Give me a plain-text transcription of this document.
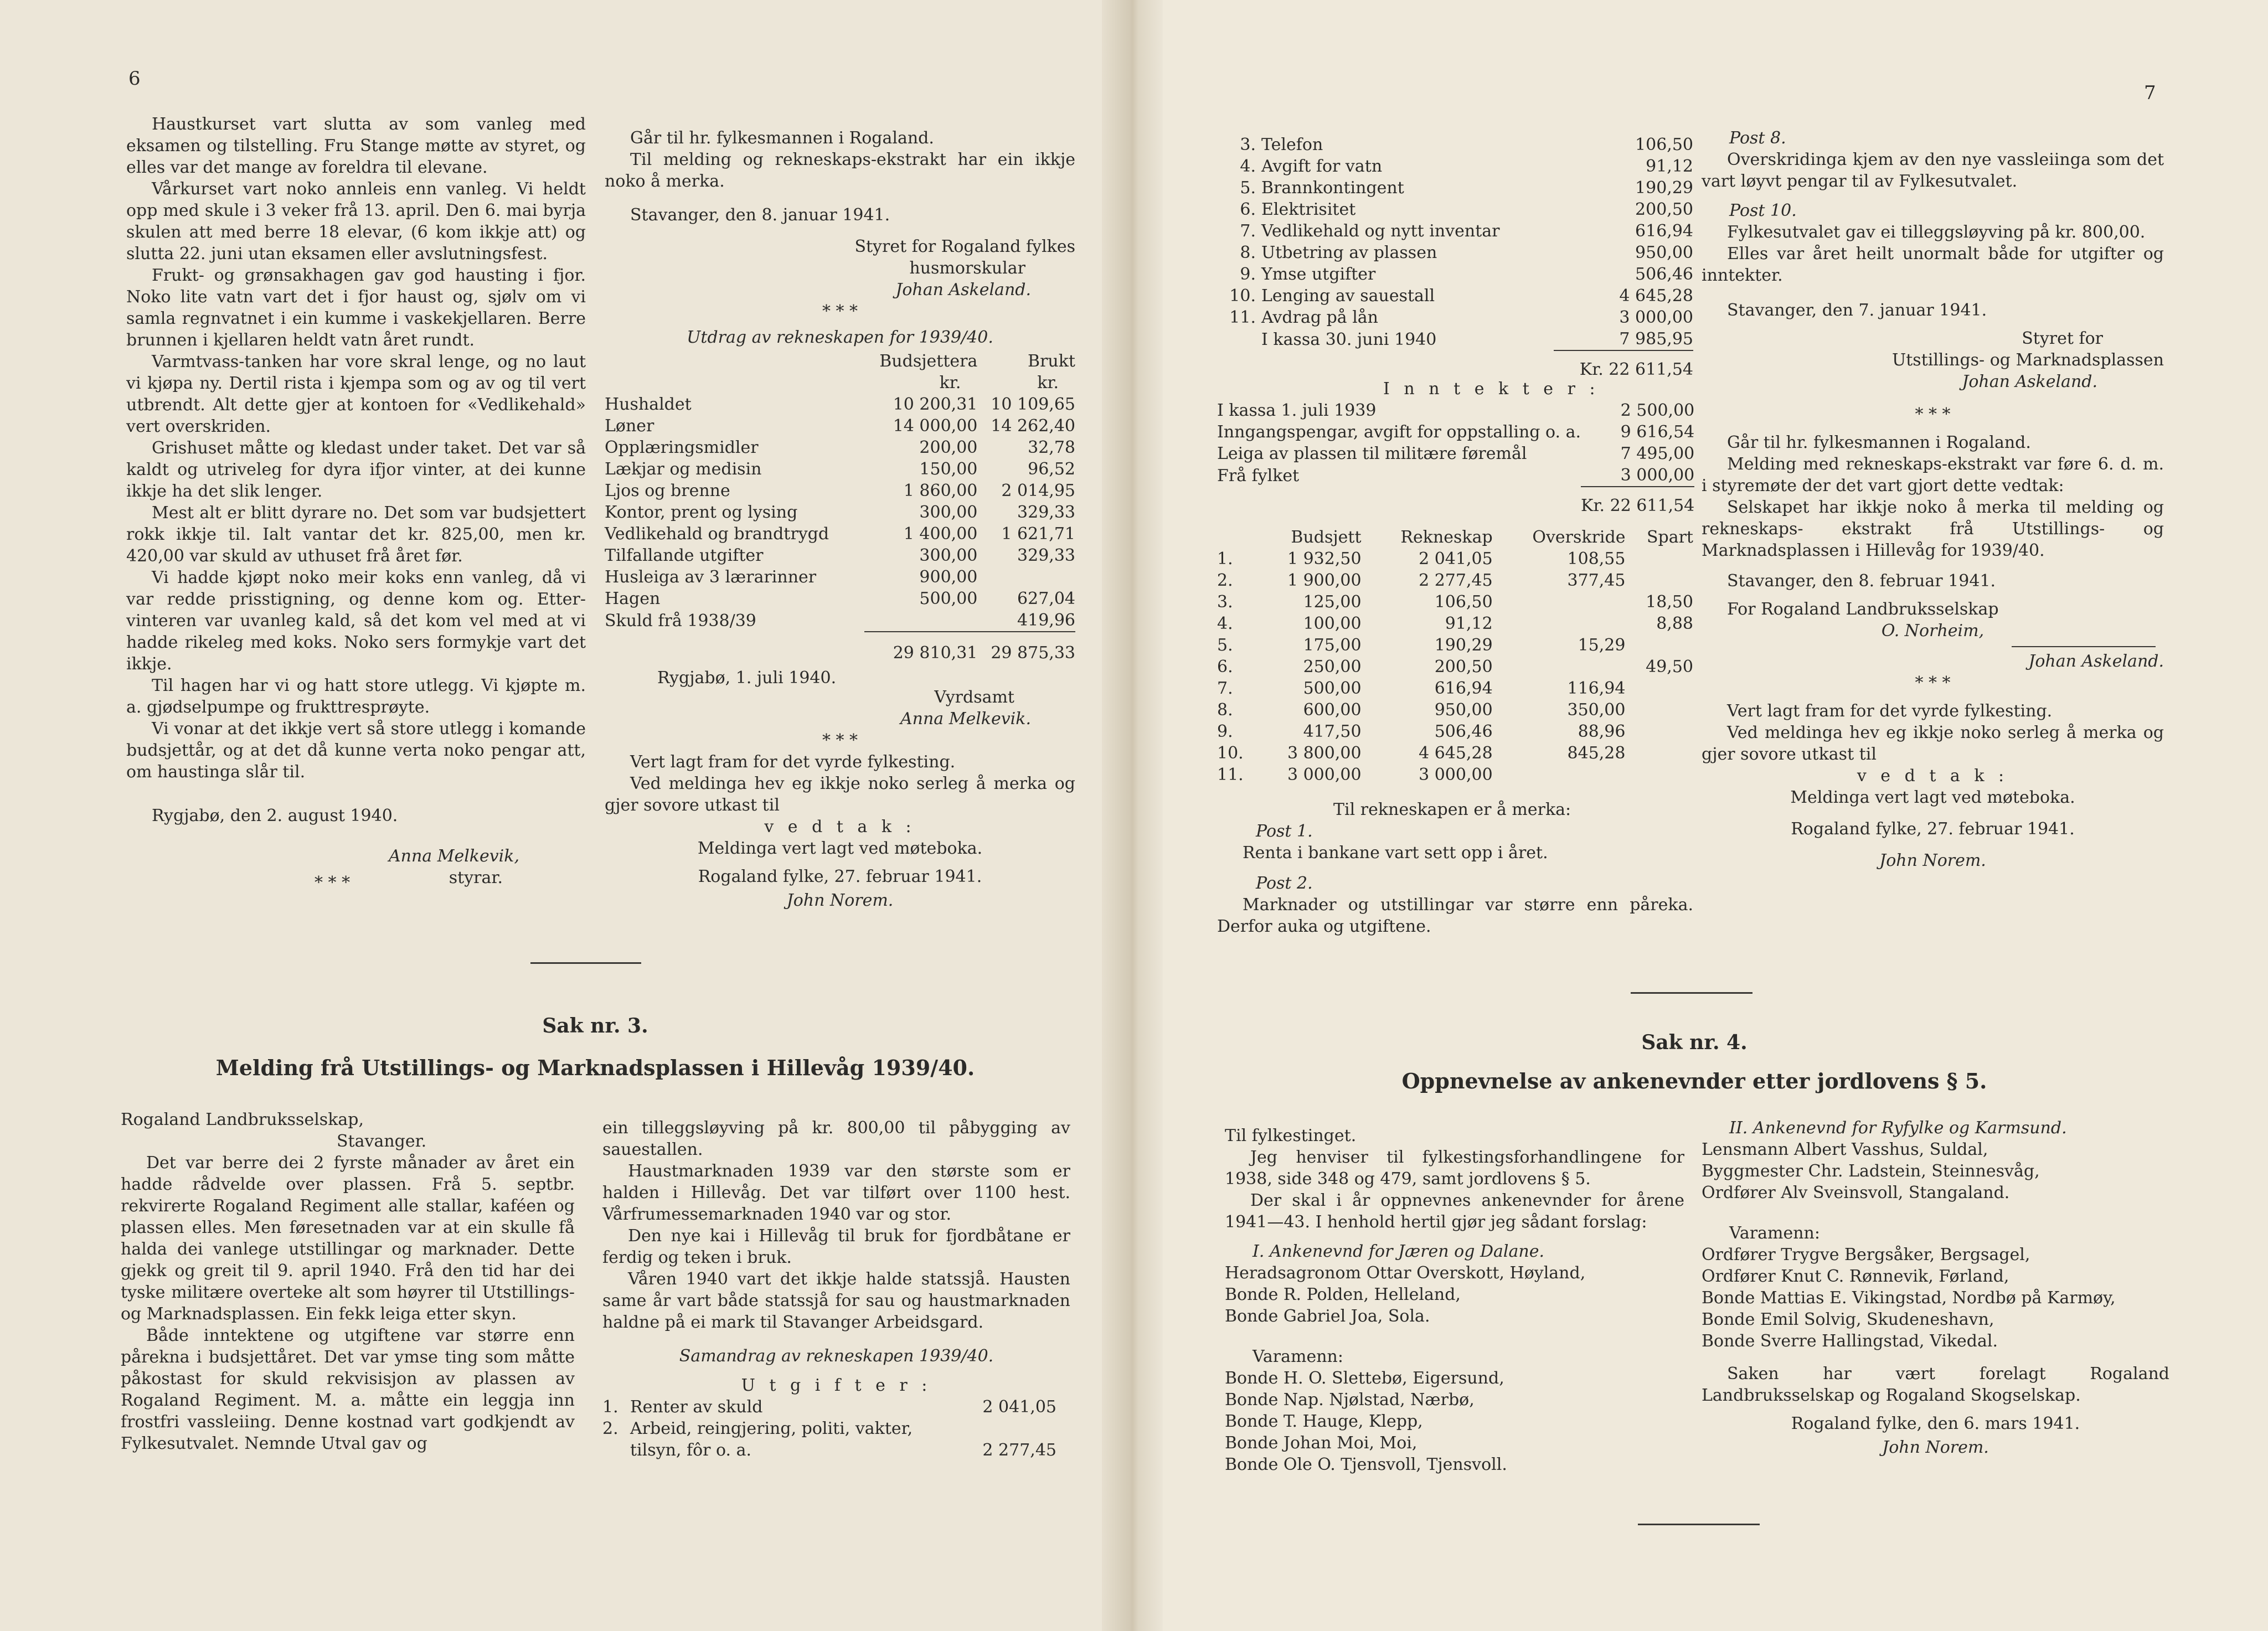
6
7

Haustkurset vart slutta av som vanleg med eksamen og tilstelling. Fru Stange møtte av styret, og elles var det mange av foreldra til elevane.

Vårkurset vart noko annleis enn vanleg. Vi heldt opp med skule i 3 veker frå 13. april. Den 6. mai byrja skulen att med berre 18 elevar, (6 kom ikkje att) og slutta 22. juni utan eksamen eller avslutningsfest.

Frukt- og grønsakhagen gav god hausting i fjor. Noko lite vatn vart det i fjor haust og, sjølv om vi samla regnvatnet i ein kumme i vaskekjellaren. Berre brunnen i kjellaren heldt vatn året rundt.

Varmtvass-tanken har vore skral lenge, og no laut vi kjøpa ny. Dertil rista i kjempa som og av og til vert utbrendt. Alt dette gjer at kontoen for «Vedlikehald» vert overskriden.

Grishuset måtte og kledast under taket. Det var så kaldt og utriveleg for dyra ifjor vinter, at dei kunne ikkje ha det slik lenger.

Mest alt er blitt dyrare no. Det som var budsjettert rokk ikkje til. Ialt vantar det kr. 825,00, men kr. 420,00 var skuld av uthuset frå året før.

Vi hadde kjøpt noko meir koks enn vanleg, då vi var redde prisstigning, og denne kom og. Etter-vinteren var uvanleg kald, så det kom vel med at vi hadde rikeleg med koks. Noko sers formykje vart det ikkje.

Til hagen har vi og hatt store utlegg. Vi kjøpte m. a. gjødselpumpe og frukttresprøyte.

Vi vonar at det ikkje vert så store utlegg i komande budsjettår, og at det då kunne verta noko pengar att, om haustinga slår til.

Rygjabø, den 2. august 1940.

Anna Melkevik,

styrar.

* * *

Går til hr. fylkesmannen i Rogaland.

Til melding og rekneskaps-ekstrakt har ein ikkje noko å merka.

Stavanger, den 8. januar 1941.

Styret for Rogaland fylkes

husmorskular

Johan Askeland.

* * *

Utdrag av rekneskapen for 1939/40.

	Budsjettera	Brukt
	kr.	kr.
Hushaldet	10 200,31	10 109,65
Løner	14 000,00	14 262,40
Opplæringsmidler	200,00	32,78
Lækjar og medisin	150,00	96,52
Ljos og brenne	1 860,00	2 014,95
Kontor, prent og lysing	300,00	329,33
Vedlikehald og brandtrygd	1 400,00	1 621,71
Tilfallande utgifter	300,00	329,33
Husleiga av 3 lærarinner	900,00	
Hagen	500,00	627,04
Skuld frå 1938/39		419,96
	29 810,31	29 875,33

Rygjabø, 1. juli 1940.

Vyrdsamt

Anna Melkevik.

* * *

Vert lagt fram for det vyrde fylkesting.

Ved meldinga hev eg ikkje noko serleg å merka og gjer sovore utkast til

v e d t a k :

Meldinga vert lagt ved møteboka.

Rogaland fylke, 27. februar 1941.

John Norem.

Sak nr. 3.
Melding frå Utstillings- og Marknadsplassen i Hillevåg 1939/40.

Rogaland Landbruksselskap,

Stavanger.

Det var berre dei 2 fyrste månader av året ein hadde rådvelde over plassen. Frå 5. septbr. rekvirerte Rogaland Regiment alle stallar, kaféen og plassen elles. Men føresetnaden var at ein skulle få halda dei vanlege utstillingar og marknader. Dette gjekk og greit til 9. april 1940. Frå den tid har dei tyske militære overteke alt som høyrer til Utstillings- og Marknadsplassen. Ein fekk leiga etter skyn.

Både inntektene og utgiftene var større enn pårekna i budsjettåret. Det var ymse ting som måtte påkostast for skuld rekvisisjon av plassen av Rogaland Regiment. M. a. måtte ein leggja inn frostfri vassleiing. Denne kostnad vart godkjendt av Fylkesutvalet. Nemnde Utval gav og

ein tilleggsløyving på kr. 800,00 til påbygging av sauestallen.

Haustmarknaden 1939 var den største som er halden i Hillevåg. Det var tilført over 1100 hest. Vårfrumessemarknaden 1940 var og stor.

Den nye kai i Hillevåg til bruk for fjordbåtane er ferdig og teken i bruk.

Våren 1940 vart det ikkje halde statssjå. Hausten same år vart både statssjå for sau og haustmarknaden haldne på ei mark til Stavanger Arbeidsgard.

Samandrag av rekneskapen 1939/40.

U t g i f t e r :

1.	Renter av skuld	2 041,05
2.	Arbeid, reingjering, politi, vakter,	
	tilsyn, fôr o. a.	2 277,45
3.	Telefon	106,50
4.	Avgift for vatn	91,12
5.	Brannkontingent	190,29
6.	Elektrisitet	200,50
7.	Vedlikehald og nytt inventar	616,94
8.	Utbetring av plassen	950,00
9.	Ymse utgifter	506,46
10.	Lenging av sauestall	4 645,28
11.	Avdrag på lån	3 000,00
	I kassa 30. juni 1940	7 985,95
		Kr. 22 611,54

I n n t e k t e r :

I kassa 1. juli 1939	2 500,00
Inngangspengar, avgift for oppstalling o. a.	9 616,54
Leiga av plassen til militære føremål	7 495,00
Frå fylket	3 000,00
	Kr. 22 611,54
	Budsjett	Rekneskap	Overskride	Spart
1.	1 932,50	2 041,05	108,55	
2.	1 900,00	2 277,45	377,45	
3.	125,00	106,50		18,50
4.	100,00	91,12		8,88
5.	175,00	190,29	15,29	
6.	250,00	200,50		49,50
7.	500,00	616,94	116,94	
8.	600,00	950,00	350,00	
9.	417,50	506,46	88,96	
10.	3 800,00	4 645,28	845,28	
11.	3 000,00	3 000,00		

Til rekneskapen er å merka:

Post 1.

Renta i bankane vart sett opp i året.

Post 2.

Marknader og utstillingar var større enn påreka. Derfor auka og utgiftene.

Post 8.

Overskridinga kjem av den nye vassleiinga som det vart løyvt pengar til av Fylkesutvalet.

Post 10.

Fylkesutvalet gav ei tilleggsløyving på kr. 800,00.

Elles var året heilt unormalt både for utgifter og inntekter.

Stavanger, den 7. januar 1941.

Styret for

Utstillings- og Marknadsplassen

Johan Askeland.

* * *

Går til hr. fylkesmannen i Rogaland.

Melding med rekneskaps-ekstrakt var føre 6. d. m. i styremøte der det vart gjort dette vedtak:

Selskapet har ikkje noko å merka til melding og rekneskaps- ekstrakt frå Utstillings- og Marknadsplassen i Hillevåg for 1939/40.

Stavanger, den 8. februar 1941.

For Rogaland Landbruksselskap

O. Norheim,

Johan Askeland.

* * *

Vert lagt fram for det vyrde fylkesting.

Ved meldinga hev eg ikkje noko serleg å merka og gjer sovore utkast til

v e d t a k :

Meldinga vert lagt ved møteboka.

Rogaland fylke, 27. februar 1941.

John Norem.

Sak nr. 4.
Oppnevnelse av ankenevnder etter jordlovens § 5.

Til fylkestinget.

Jeg henviser til fylkestingsforhandlingene for 1938, side 348 og 479, samt jordlovens § 5.

Der skal i år oppnevnes ankenevnder for årene 1941—43. I henhold hertil gjør jeg sådant forslag:

I. Ankenevnd for Jæren og Dalane.

Heradsagronom Ottar Overskott, Høyland,

Bonde R. Polden, Helleland,

Bonde Gabriel Joa, Sola.

Varamenn:

Bonde H. O. Slettebø, Eigersund,

Bonde Nap. Njølstad, Nærbø,

Bonde T. Hauge, Klepp,

Bonde Johan Moi, Moi,

Bonde Ole O. Tjensvoll, Tjensvoll.

II. Ankenevnd for Ryfylke og Karmsund.

Lensmann Albert Vasshus, Suldal,

Byggmester Chr. Ladstein, Steinnesvåg,

Ordfører Alv Sveinsvoll, Stangaland.

Varamenn:

Ordfører Trygve Bergsåker, Bergsagel,

Ordfører Knut C. Rønnevik, Førland,

Bonde Mattias E. Vikingstad, Nordbø på Karmøy,

Bonde Emil Solvig, Skudeneshavn,

Bonde Sverre Hallingstad, Vikedal.

Saken har vært forelagt Rogaland Landbruksselskap og Rogaland Skogselskap.

Rogaland fylke, den 6. mars 1941.

John Norem.
